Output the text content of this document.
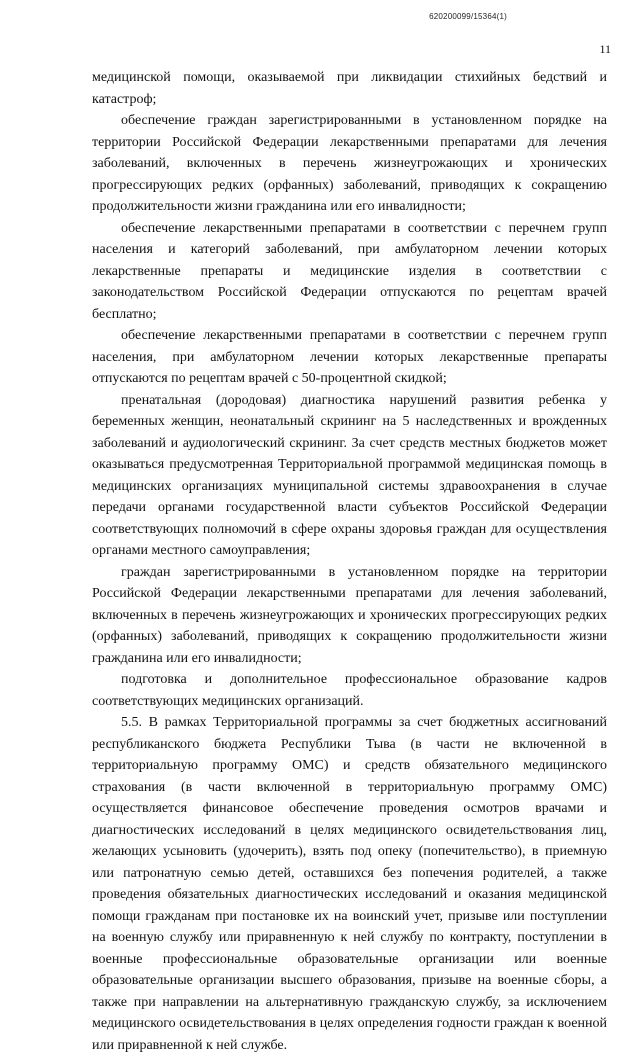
620200099/15364(1)
11

медицинской помощи, оказываемой при ликвидации стихийных бедствий и катастроф;

обеспечение граждан зарегистрированными в установленном порядке на территории Российской Федерации лекарственными препаратами для лечения заболеваний, включенных в перечень жизнеугрожающих и хронических прогрессирующих редких (орфанных) заболеваний, приводящих к сокращению продолжительности жизни гражданина или его инвалидности;

обеспечение лекарственными препаратами в соответствии с перечнем групп населения и категорий заболеваний, при амбулаторном лечении которых лекарственные препараты и медицинские изделия в соответствии с законодательством Российской Федерации отпускаются по рецептам врачей бесплатно;

обеспечение лекарственными препаратами в соответствии с перечнем групп населения, при амбулаторном лечении которых лекарственные препараты отпускаются по рецептам врачей с 50-процентной скидкой;

пренатальная (дородовая) диагностика нарушений развития ребенка у беременных женщин, неонатальный скрининг на 5 наследственных и врожденных заболеваний и аудиологический скрининг. За счет средств местных бюджетов может оказываться предусмотренная Территориальной программой медицинская помощь в медицинских организациях муниципальной системы здравоохранения в случае передачи органами государственной власти субъектов Российской Федерации соответствующих полномочий в сфере охраны здоровья граждан для осуществления органами местного самоуправления;

граждан зарегистрированными в установленном порядке на территории Российской Федерации лекарственными препаратами для лечения заболеваний, включенных в перечень жизнеугрожающих и хронических прогрессирующих редких (орфанных) заболеваний, приводящих к сокращению продолжительности жизни гражданина или его инвалидности;

подготовка и дополнительное профессиональное образование кадров соответствующих медицинских организаций.

5.5. В рамках Территориальной программы за счет бюджетных ассигнований республиканского бюджета Республики Тыва (в части не включенной в территориальную программу ОМС) и средств обязательного медицинского страхования (в части включенной в территориальную программу ОМС) осуществляется финансовое обеспечение проведения осмотров врачами и диагностических исследований в целях медицинского освидетельствования лиц, желающих усыновить (удочерить), взять под опеку (попечительство), в приемную или патронатную семью детей, оставшихся без попечения родителей, а также проведения обязательных диагностических исследований и оказания медицинской помощи гражданам при постановке их на воинский учет, призыве или поступлении на военную службу или приравненную к ней службу по контракту, поступлении в военные профессиональные образовательные организации или военные образовательные организации высшего образования, призыве на военные сборы, а также при направлении на альтернативную гражданскую службу, за исключением медицинского освидетельствования в целях определения годности граждан к военной или приравненной к ней службе.
